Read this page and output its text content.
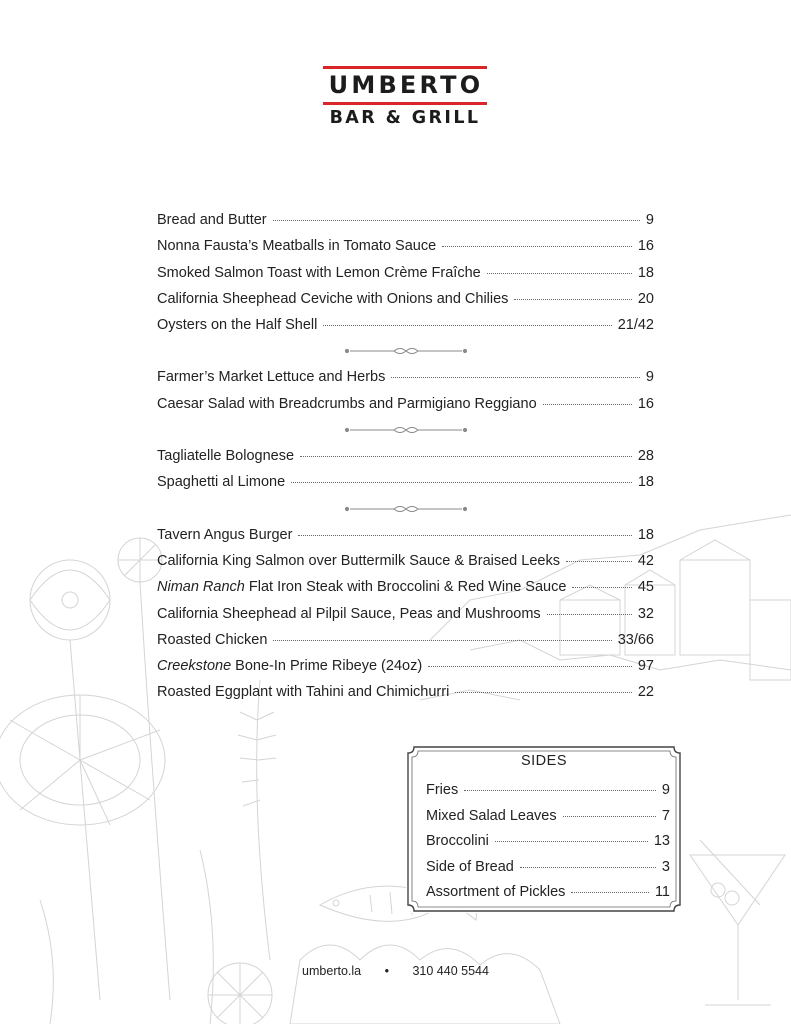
UMBERTO
BAR & GRILL
Bread and Butter	9
Nonna Fausta’s Meatballs in Tomato Sauce	16
Smoked Salmon Toast with Lemon Crème Fraîche	18
California Sheephead Ceviche with Onions and Chilies	20
Oysters on the Half Shell	21/42
Farmer’s Market Lettuce and Herbs	9
Caesar Salad with Breadcrumbs and Parmigiano Reggiano	16
Tagliatelle Bolognese	28
Spaghetti al Limone	18
Tavern Angus Burger	18
California King Salmon over Buttermilk Sauce & Braised Leeks	42
Niman Ranch Flat Iron Steak with Broccolini & Red Wine Sauce	45
California Sheephead al Pilpil Sauce, Peas and Mushrooms	32
Roasted Chicken	33/66
Creekstone Bone-In Prime Ribeye (24oz)	97
Roasted Eggplant with Tahini and Chimichurri	22
SIDES
Fries	9
Mixed Salad Leaves	7
Broccolini	13
Side of Bread	3
Assortment of Pickles	11
umberto.la • 310 440 5544
